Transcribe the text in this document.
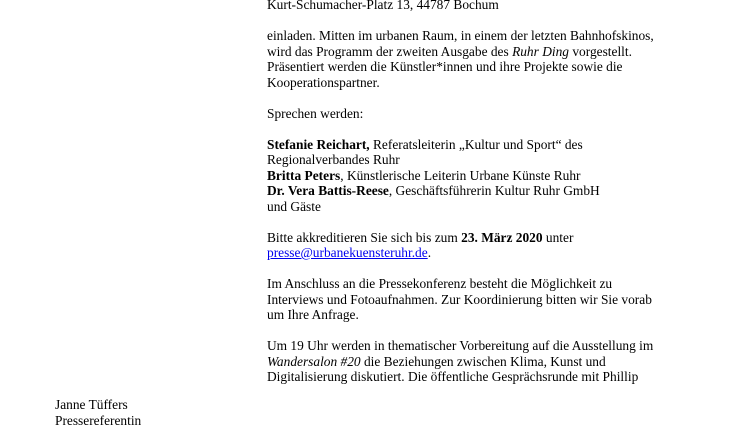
Kurt-Schumacher-Platz 13, 44787 Bochum

einladen. Mitten im urbanen Raum, in einem der letzten Bahnhofskinos,
wird das Programm der zweiten Ausgabe des Ruhr Ding vorgestellt.
Präsentiert werden die Künstler*innen und ihre Projekte sowie die
Kooperationspartner.

Sprechen werden:

Stefanie Reichart, Referatsleiterin „Kultur und Sport“ des
Regionalverbandes Ruhr
Britta Peters, Künstlerische Leiterin Urbane Künste Ruhr
Dr. Vera Battis-Reese, Geschäftsführerin Kultur Ruhr GmbH
und Gäste

Bitte akkreditieren Sie sich bis zum 23. März 2020 unter
presse@urbanekuensteruhr.de.

Im Anschluss an die Pressekonferenz besteht die Möglichkeit zu
Interviews und Fotoaufnahmen. Zur Koordinierung bitten wir Sie vorab
um Ihre Anfrage.

Um 19 Uhr werden in thematischer Vorbereitung auf die Ausstellung im
Wandersalon #20 die Beziehungen zwischen Klima, Kunst und
Digitalisierung diskutiert. Die öffentliche Gesprächsrunde mit Phillip

Janne Tüffers
Pressereferentin
